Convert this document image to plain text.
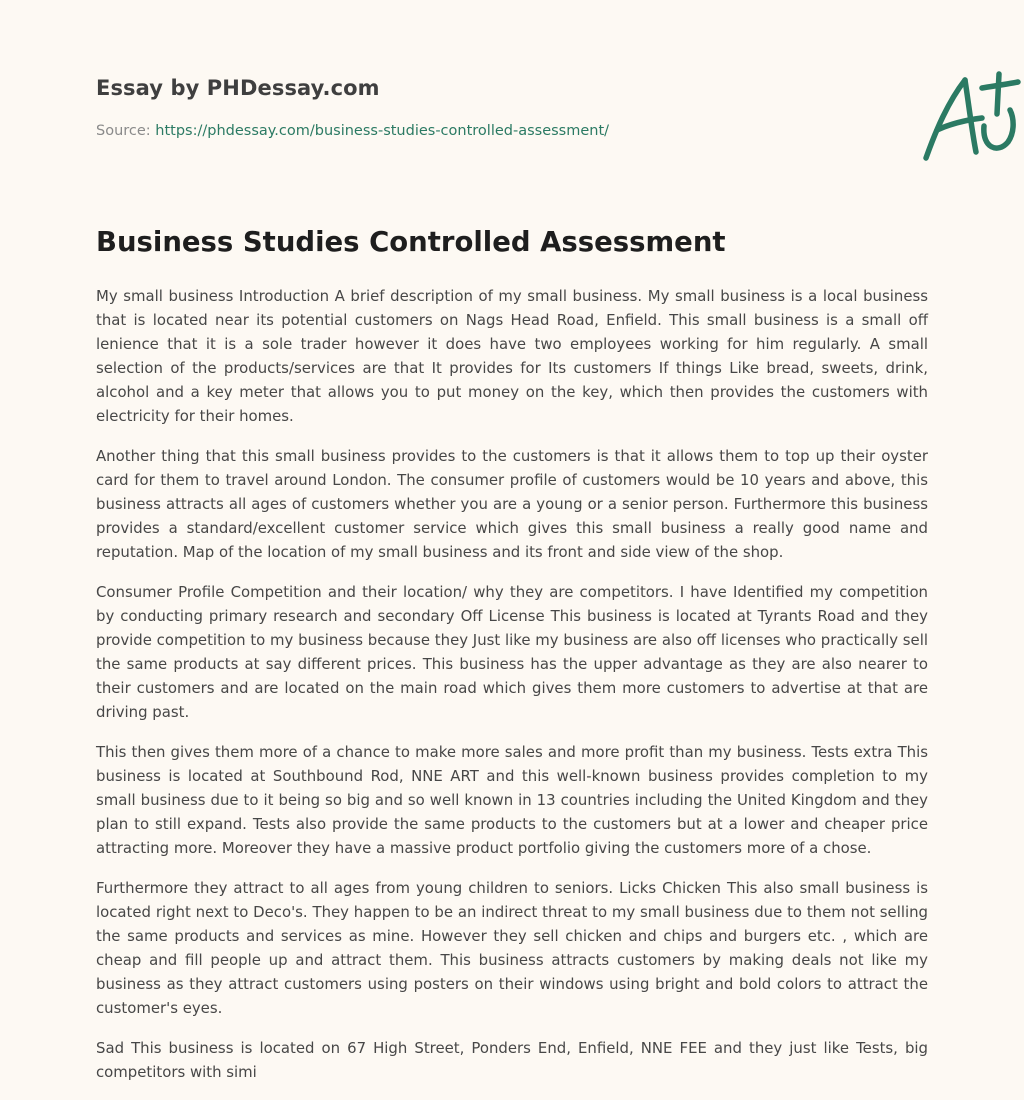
Essay by PHDessay.com
Source: https://phdessay.com/business-studies-controlled-assessment/
Business Studies Controlled Assessment

My small business Introduction A brief description of my small business. My small business is a local business that is located near its potential customers on Nags Head Road, Enfield. This small business is a small off lenience that it is a sole trader however it does have two employees working for him regularly. A small selection of the products/services are that It provides for Its customers If things Like bread, sweets, drink, alcohol and a key meter that allows you to put money on the key, which then provides the customers with electricity for their homes.

Another thing that this small business provides to the customers is that it allows them to top up their oyster card for them to travel around London. The consumer profile of customers would be 10 years and above, this business attracts all ages of customers whether you are a young or a senior person. Furthermore this business provides a standard/excellent customer service which gives this small business a really good name and reputation. Map of the location of my small business and its front and side view of the shop.

Consumer Profile Competition and their location/ why they are competitors. I have Identified my competition by conducting primary research and secondary Off License This business is located at Tyrants Road and they provide competition to my business because they Just like my business are also off licenses who practically sell the same products at say different prices. This business has the upper advantage as they are also nearer to their customers and are located on the main road which gives them more customers to advertise at that are driving past.

This then gives them more of a chance to make more sales and more profit than my business. Tests extra This business is located at Southbound Rod, NNE ART and this well-known business provides completion to my small business due to it being so big and so well known in 13 countries including the United Kingdom and they plan to still expand. Tests also provide the same products to the customers but at a lower and cheaper price attracting more. Moreover they have a massive product portfolio giving the customers more of a chose.

Furthermore they attract to all ages from young children to seniors. Licks Chicken This also small business is located right next to Deco's. They happen to be an indirect threat to my small business due to them not selling the same products and services as mine. However they sell chicken and chips and burgers etc. , which are cheap and fill people up and attract them. This business attracts customers by making deals not like my business as they attract customers using posters on their windows using bright and bold colors to attract the customer's eyes.

Sad This business is located on 67 High Street, Ponders End, Enfield, NNE FEE and they just like Tests, big competitors with simi
